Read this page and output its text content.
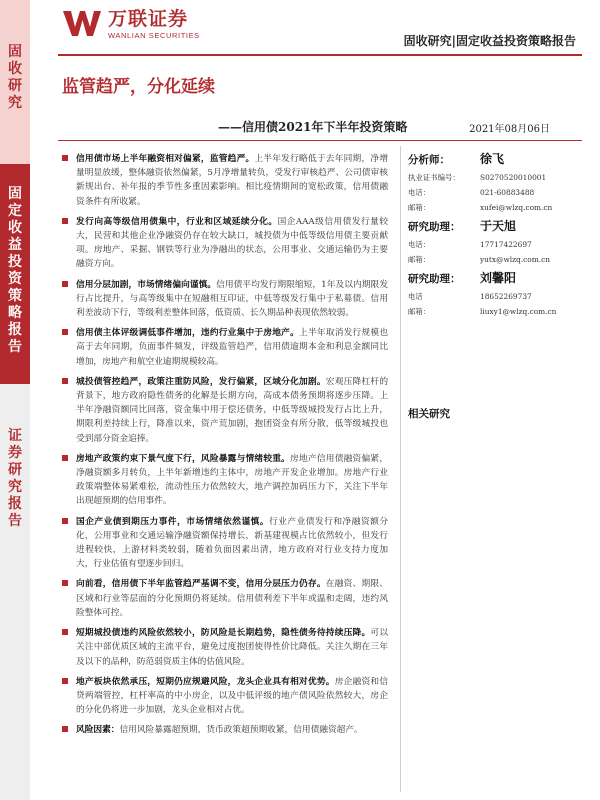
固
收
研
究
固
定
收
益
投
资
策
略
报
告
证
券
研
究
报
告
万联证券
WANLIAN SECURITIES	固收研究|固定收益投资策略报告
监管趋严，分化延续
——信用债2021年下半年投资策略	2021年08月06日
信用债市场上半年融资相对偏紧，监管趋严。上半年发行略低于去年同期，净增量明显放缓，整体融资依然偏紧，5月净增量转负，受发行审核趋严、公司债审核新规出台、补年报的季节性多重因素影响。相比疫情期间的宽松政策，信用债融资条件有所收紧。
发行向高等级信用债集中，行业和区域延续分化。国企AAA级信用债发行量较大，民营和其他企业净融资仍存在较大缺口，城投债为中低等级信用债主要贡献项。房地产、采掘、钢铁等行业为净融出的状态，公用事业、交通运输仍为主要融资方向。
信用分层加剧，市场情绪偏向谨慎。信用债平均发行期限缩短，1年及以内期限发行占比提升，与高等级集中在短融相互印证，中低等级发行集中于私募债。信用利差波动下行，等级利差整体回落，低资质、长久期品种表现依然较弱。
信用债主体评级调低事件增加，违约行业集中于房地产。上半年取消发行规模也高于去年同期，负面事件频发，评级监管趋严，信用债逾期本金和利息金额同比增加，房地产和航空业逾期规模较高。
城投债管控趋严，政策注重防风险，发行偏紧，区域分化加剧。宏观压降杠杆的背景下，地方政府隐性债务的化解是长期方向，高成本债务预期将逐步压降。上半年净融资额同比回落，资金集中用于偿还债务，中低等级城投发行占比上升，期限利差持续上行，降准以来，资产荒加剧，抱团资金有所分散，低等级城投也受到部分资金追捧。
房地产政策约束下景气度下行，风险暴露与情绪较重。房地产信用债融资偏紧，净融资额多月转负，上半年新增违约主体中，房地产开发企业增加。房地产行业政策端整体易紧难松，流动性压力依然较大，地产调控加码压力下，关注下半年出现超预期的信用事件。
国企产业债到期压力事件，市场情绪依然谨慎。行业产业债发行和净融资额分化，公用事业和交通运输净融资额保持增长，新基建视模占比依然较小，但发行进程较快，上游材料类较弱，随着负面因素出清，地方政府对行业支持力度加大，行业估值有望逐步回归。
向前看，信用债下半年监管趋严基调不变，信用分层压力仍存。在融资、期限、区域和行业等层面的分化预期仍将延续。信用债利差下半年或温和走阔，违约风险整体可控。
短期城投债违约风险依然较小，防风险是长期趋势，隐性债务待持续压降。可以关注中部优质区域的主流平台，避免过度抱团使得性价比降低。关注久期在三年及以下的品种，防范弱资质主体的估值风险。
地产板块依然承压，短期仍应规避风险，龙头企业具有相对优势。房企融资和信贷两端管控，杠杆率高的中小房企，以及中低评级的地产债风险依然较大，房企的分化仍将进一步加剧，龙头企业相对占优。
风险因素：信用风险暴露超预期，货币政策超预期收紧，信用债融资超产。
分析师：	徐飞
执业证书编号：	S0270520010001
电话：	021-60883488
邮箱：	xufei@wlzq.com.cn
研究助理：	于天旭
电话：	17717422697
邮箱：	yutx@wlzq.com.cn
研究助理：	刘馨阳
电话	18652269737
邮箱：	liuxy1@wlzq.com.cn
相关研究
